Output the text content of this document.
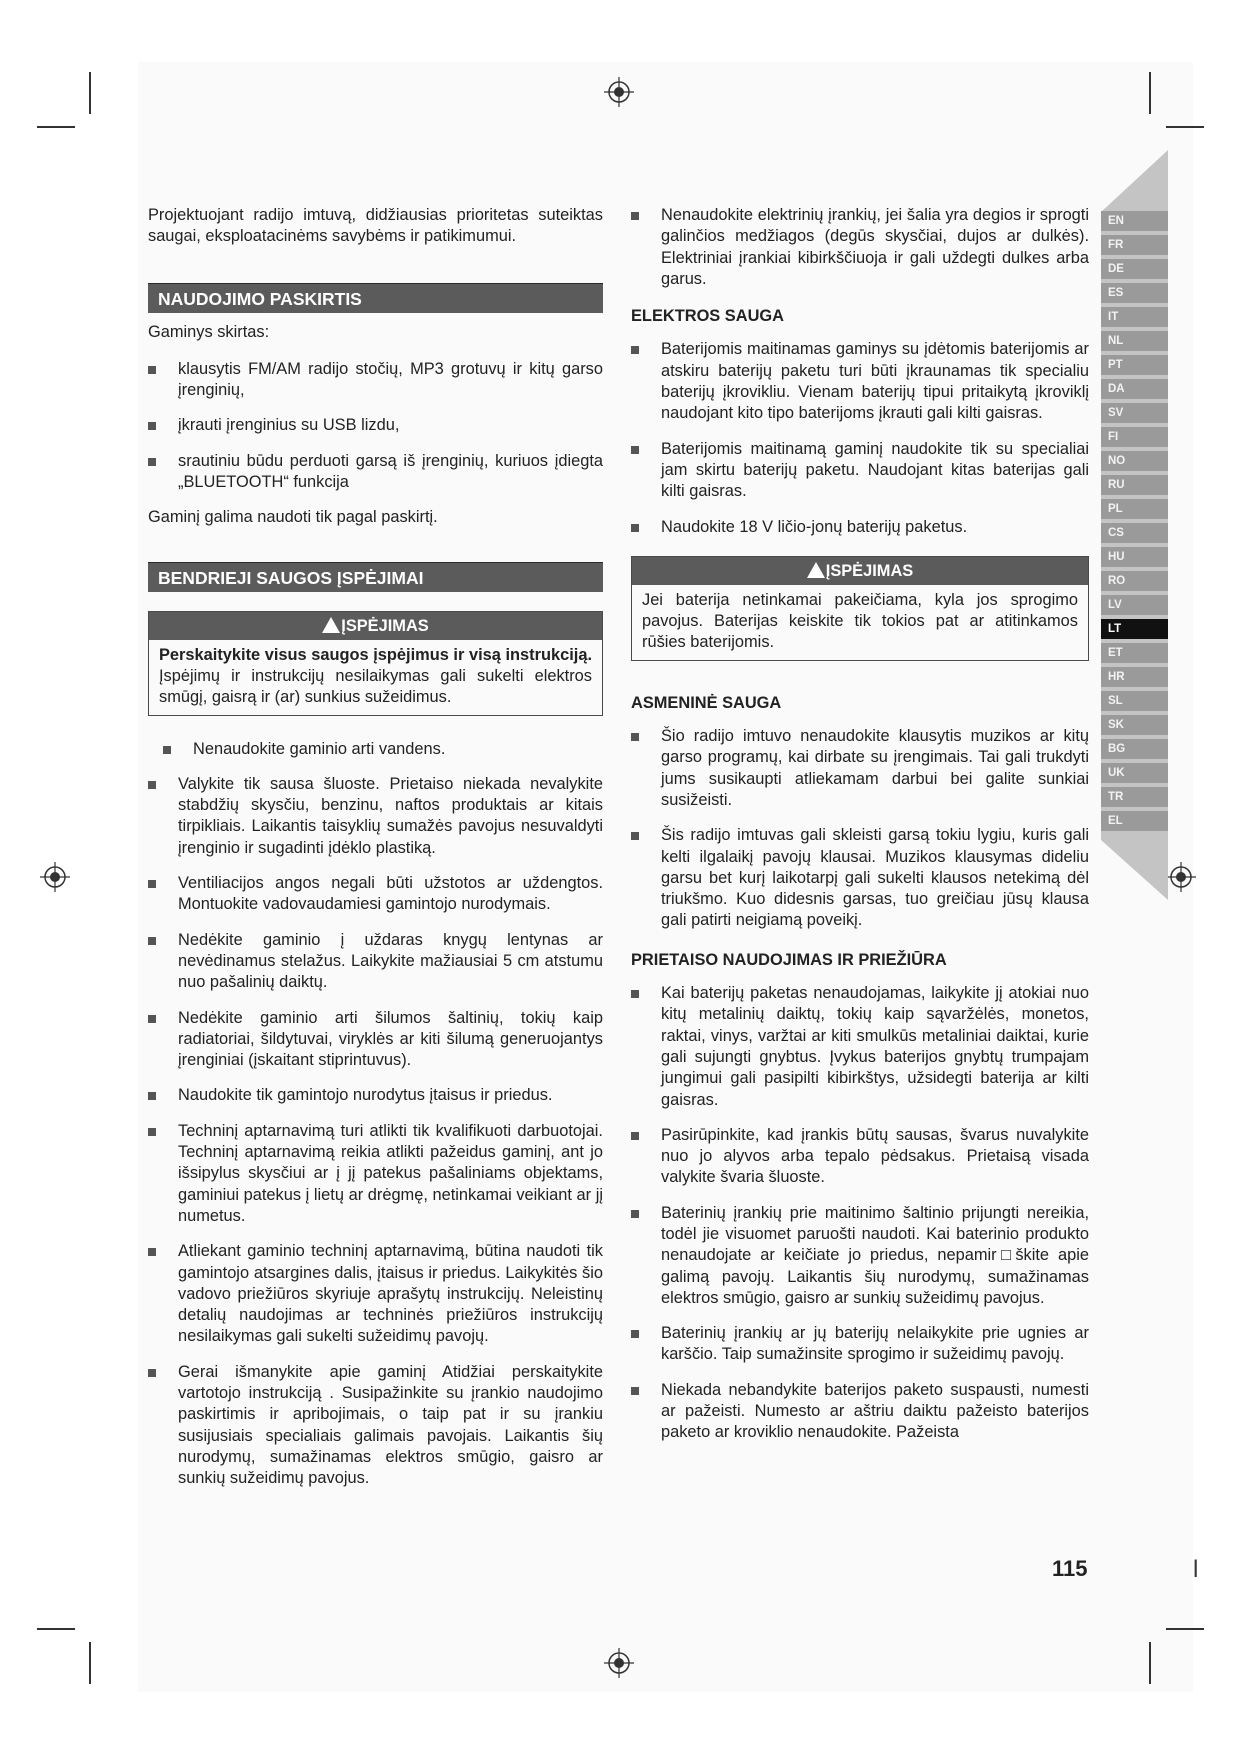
EN
FR
DE
ES
IT
NL
PT
DA
SV
FI
NO
RU
PL
CS
HU
RO
LV
LT
ET
HR
SL
SK
BG
UK
TR
EL

Projektuojant radijo imtuvą, didžiausias prioritetas suteiktas saugai, eksploatacinėms savybėms ir patikimumui.

NAUDOJIMO PASKIRTIS

Gaminys skirtas:

klausytis FM/AM radijo stočių, MP3 grotuvų ir kitų garso įrenginių,
įkrauti įrenginius su USB lizdu,
srautiniu būdu perduoti garsą iš įrenginių, kuriuos įdiegta „BLUETOOTH“ funkcija

Gaminį galima naudoti tik pagal paskirtį.

BENDRIEJI SAUGOS ĮSPĖJIMAI
ĮSPĖJIMAS
Perskaitykite visus saugos įspėjimus ir visą instrukciją. Įspėjimų ir instrukcijų nesilaikymas gali sukelti elektros smūgį, gaisrą ir (ar) sunkius sužeidimus.
Nenaudokite gaminio arti vandens.
Valykite tik sausa šluoste. Prietaiso niekada nevalykite stabdžių skysčiu, benzinu, naftos produktais ar kitais tirpikliais. Laikantis taisyklių sumažės pavojus nesuvaldyti įrenginio ir sugadinti įdėklo plastiką.
Ventiliacijos angos negali būti užstotos ar uždengtos. Montuokite vadovaudamiesi gamintojo nurodymais.
Nedėkite gaminio į uždaras knygų lentynas ar nevėdinamus stelažus. Laikykite mažiausiai 5 cm atstumu nuo pašalinių daiktų.
Nedėkite gaminio arti šilumos šaltinių, tokių kaip radiatoriai, šildytuvai, viryklės ar kiti šilumą generuojantys įrenginiai (įskaitant stiprintuvus).
Naudokite tik gamintojo nurodytus įtaisus ir priedus.
Techninį aptarnavimą turi atlikti tik kvalifikuoti darbuotojai. Techninį aptarnavimą reikia atlikti pažeidus gaminį, ant jo išsipylus skysčiui ar į jį patekus pašaliniams objektams, gaminiui patekus į lietų ar drėgmę, netinkamai veikiant ar jį numetus.
Atliekant gaminio techninį aptarnavimą, būtina naudoti tik gamintojo atsargines dalis, įtaisus ir priedus. Laikykitės šio vadovo priežiūros skyriuje aprašytų instrukcijų. Neleistinų detalių naudojimas ar techninės priežiūros instrukcijų nesilaikymas gali sukelti sužeidimų pavojų.
Gerai išmanykite apie gaminį Atidžiai perskaitykite vartotojo instrukciją . Susipažinkite su įrankio naudojimo paskirtimis ir apribojimais, o taip pat ir su įrankiu susijusiais specialiais galimais pavojais. Laikantis šių nurodymų, sumažinamas elektros smūgio, gaisro ar sunkių sužeidimų pavojus.
Nenaudokite elektrinių įrankių, jei šalia yra degios ir sprogti galinčios medžiagos (degūs skysčiai, dujos ar dulkės). Elektriniai įrankiai kibirkščiuoja ir gali uždegti dulkes arba garus.
ELEKTROS SAUGA
Baterijomis maitinamas gaminys su įdėtomis baterijomis ar atskiru baterijų paketu turi būti įkraunamas tik specialiu baterijų įkrovikliu. Vienam baterijų tipui pritaikytą įkroviklį naudojant kito tipo baterijoms įkrauti gali kilti gaisras.
Baterijomis maitinamą gaminį naudokite tik su specialiai jam skirtu baterijų paketu. Naudojant kitas baterijas gali kilti gaisras.
Naudokite 18 V ličio-jonų baterijų paketus.
ĮSPĖJIMAS
Jei baterija netinkamai pakeičiama, kyla jos sprogimo pavojus. Baterijas keiskite tik tokios pat ar atitinkamos rūšies baterijomis.
ASMENINĖ SAUGA
Šio radijo imtuvo nenaudokite klausytis muzikos ar kitų garso programų, kai dirbate su įrengimais. Tai gali trukdyti jums susikaupti atliekamam darbui bei galite sunkiai susižeisti.
Šis radijo imtuvas gali skleisti garsą tokiu lygiu, kuris gali kelti ilgalaikį pavojų klausai. Muzikos klausymas dideliu garsu bet kurį laikotarpį gali sukelti klausos netekimą dėl triukšmo. Kuo didesnis garsas, tuo greičiau jūsų klausa gali patirti neigiamą poveikį.
PRIETAISO NAUDOJIMAS IR PRIEŽIŪRA
Kai baterijų paketas nenaudojamas, laikykite jį atokiai nuo kitų metalinių daiktų, tokių kaip sąvaržėlės, monetos, raktai, vinys, varžtai ar kiti smulkūs metaliniai daiktai, kurie gali sujungti gnybtus. Įvykus baterijos gnybtų trumpajam jungimui gali pasipilti kibirkštys, užsidegti baterija ar kilti gaisras.
Pasirūpinkite, kad įrankis būtų sausas, švarus nuvalykite nuo jo alyvos arba tepalo pėdsakus. Prietaisą visada valykite švaria šluoste.
Baterinių įrankių prie maitinimo šaltinio prijungti nereikia, todėl jie visuomet paruošti naudoti. Kai baterinio produkto nenaudojate ar keičiate jo priedus, nepamir□škite apie galimą pavojų. Laikantis šių nurodymų, sumažinamas elektros smūgio, gaisro ar sunkių sužeidimų pavojus.
Baterinių įrankių ar jų baterijų nelaikykite prie ugnies ar karščio. Taip sumažinsite sprogimo ir sužeidimų pavojų.
Niekada nebandykite baterijos paketo suspausti, numesti ar pažeisti. Numesto ar aštriu daiktu pažeisto baterijos paketo ar kroviklio nenaudokite. Pažeista
115	l
